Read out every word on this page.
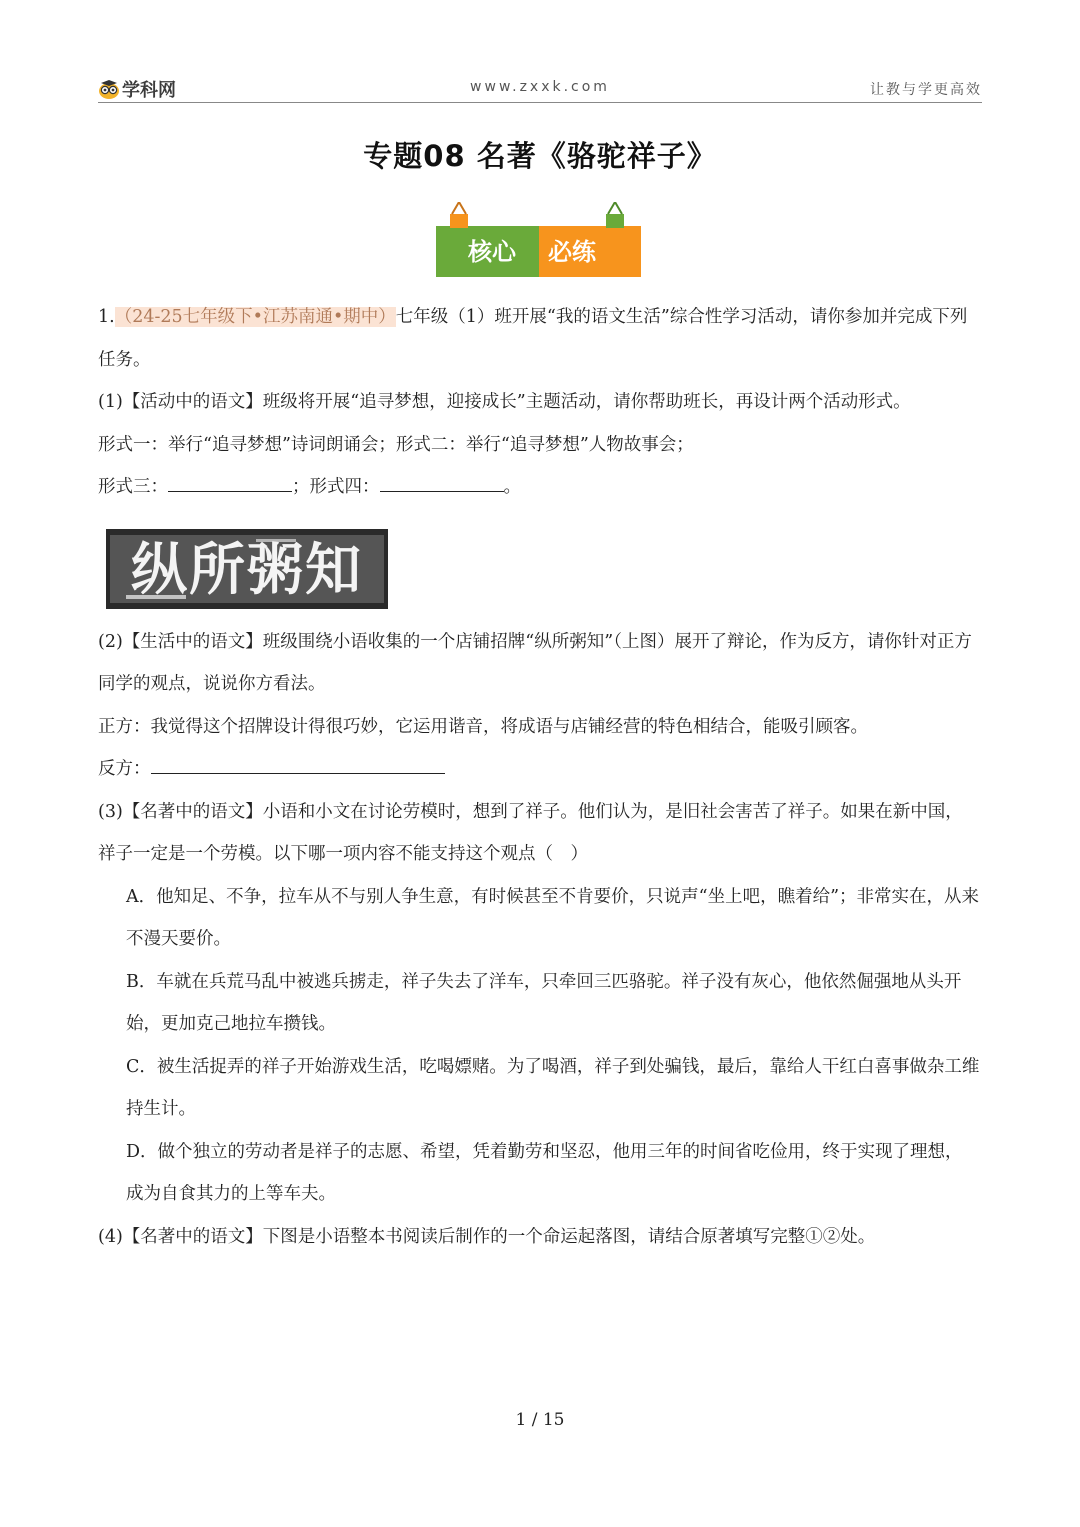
学科网	www.zxxk.com	让教与学更高效
专题08 名著《骆驼祥子》
核心 必练

1.（24-25七年级下•江苏南通•期中）七年级（1）班开展“我的语文生活”综合性学习活动，请你参加并完成下列任务。

(1)【活动中的语文】班级将开展“追寻梦想，迎接成长”主题活动，请你帮助班长，再设计两个活动形式。

形式一：举行“追寻梦想”诗词朗诵会；形式二：举行“追寻梦想”人物故事会；

形式三：	；形式四：	。

纵所粥知

(2)【生活中的语文】班级围绕小语收集的一个店铺招牌“纵所粥知”（上图）展开了辩论，作为反方，请你针对正方同学的观点，说说你方看法。

正方：我觉得这个招牌设计得很巧妙，它运用谐音，将成语与店铺经营的特色相结合，能吸引顾客。

反方：

(3)【名著中的语文】小语和小文在讨论劳模时，想到了祥子。他们认为，是旧社会害苦了祥子。如果在新中国，祥子一定是一个劳模。以下哪一项内容不能支持这个观点（　）

A．他知足、不争，拉车从不与别人争生意，有时候甚至不肯要价，只说声“坐上吧，瞧着给”；非常实在，从来不漫天要价。

B．车就在兵荒马乱中被逃兵掳走，祥子失去了洋车，只牵回三匹骆驼。祥子没有灰心，他依然倔强地从头开始，更加克己地拉车攒钱。

C．被生活捉弄的祥子开始游戏生活，吃喝嫖赌。为了喝酒，祥子到处骗钱，最后，靠给人干红白喜事做杂工维持生计。

D．做个独立的劳动者是祥子的志愿、希望，凭着勤劳和坚忍，他用三年的时间省吃俭用，终于实现了理想，成为自食其力的上等车夫。

(4)【名著中的语文】下图是小语整本书阅读后制作的一个命运起落图，请结合原著填写完整①②处。

1 / 15
